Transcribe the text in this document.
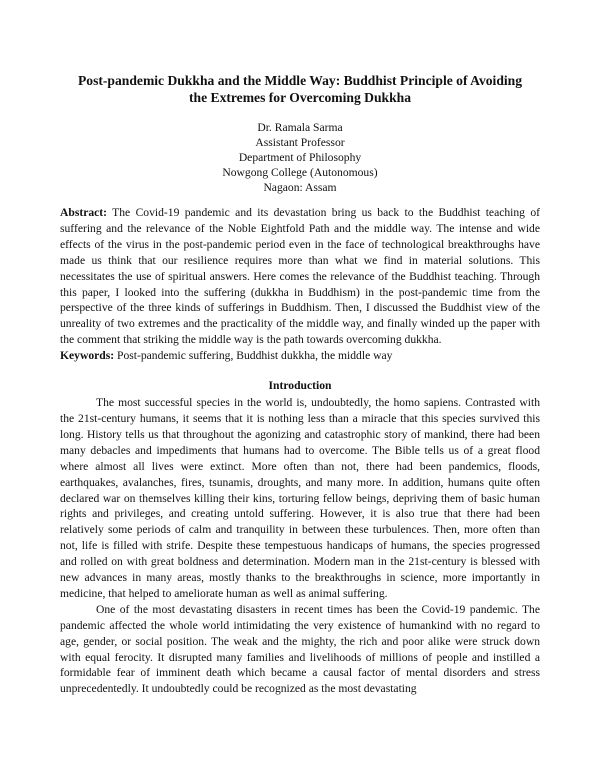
Post-pandemic Dukkha and the Middle Way: Buddhist Principle of Avoiding the Extremes for Overcoming Dukkha
Dr. Ramala Sarma
Assistant Professor
Department of Philosophy
Nowgong College (Autonomous)
Nagaon: Assam

Abstract: The Covid-19 pandemic and its devastation bring us back to the Buddhist teaching of suffering and the relevance of the Noble Eightfold Path and the middle way. The intense and wide effects of the virus in the post-pandemic period even in the face of technological breakthroughs have made us think that our resilience requires more than what we find in material solutions. This necessitates the use of spiritual answers. Here comes the relevance of the Buddhist teaching. Through this paper, I looked into the suffering (dukkha in Buddhism) in the post-pandemic time from the perspective of the three kinds of sufferings in Buddhism. Then, I discussed the Buddhist view of the unreality of two extremes and the practicality of the middle way, and finally winded up the paper with the comment that striking the middle way is the path towards overcoming dukkha.

Keywords: Post-pandemic suffering, Buddhist dukkha, the middle way

Introduction

The most successful species in the world is, undoubtedly, the homo sapiens. Contrasted with the 21st-century humans, it seems that it is nothing less than a miracle that this species survived this long. History tells us that throughout the agonizing and catastrophic story of mankind, there had been many debacles and impediments that humans had to overcome. The Bible tells us of a great flood where almost all lives were extinct. More often than not, there had been pandemics, floods, earthquakes, avalanches, fires, tsunamis, droughts, and many more. In addition, humans quite often declared war on themselves killing their kins, torturing fellow beings, depriving them of basic human rights and privileges, and creating untold suffering. However, it is also true that there had been relatively some periods of calm and tranquility in between these turbulences. Then, more often than not, life is filled with strife. Despite these tempestuous handicaps of humans, the species progressed and rolled on with great boldness and determination. Modern man in the 21st-century is blessed with new advances in many areas, mostly thanks to the breakthroughs in science, more importantly in medicine, that helped to ameliorate human as well as animal suffering.

One of the most devastating disasters in recent times has been the Covid-19 pandemic. The pandemic affected the whole world intimidating the very existence of humankind with no regard to age, gender, or social position. The weak and the mighty, the rich and poor alike were struck down with equal ferocity. It disrupted many families and livelihoods of millions of people and instilled a formidable fear of imminent death which became a causal factor of mental disorders and stress unprecedentedly. It undoubtedly could be recognized as the most devastating
